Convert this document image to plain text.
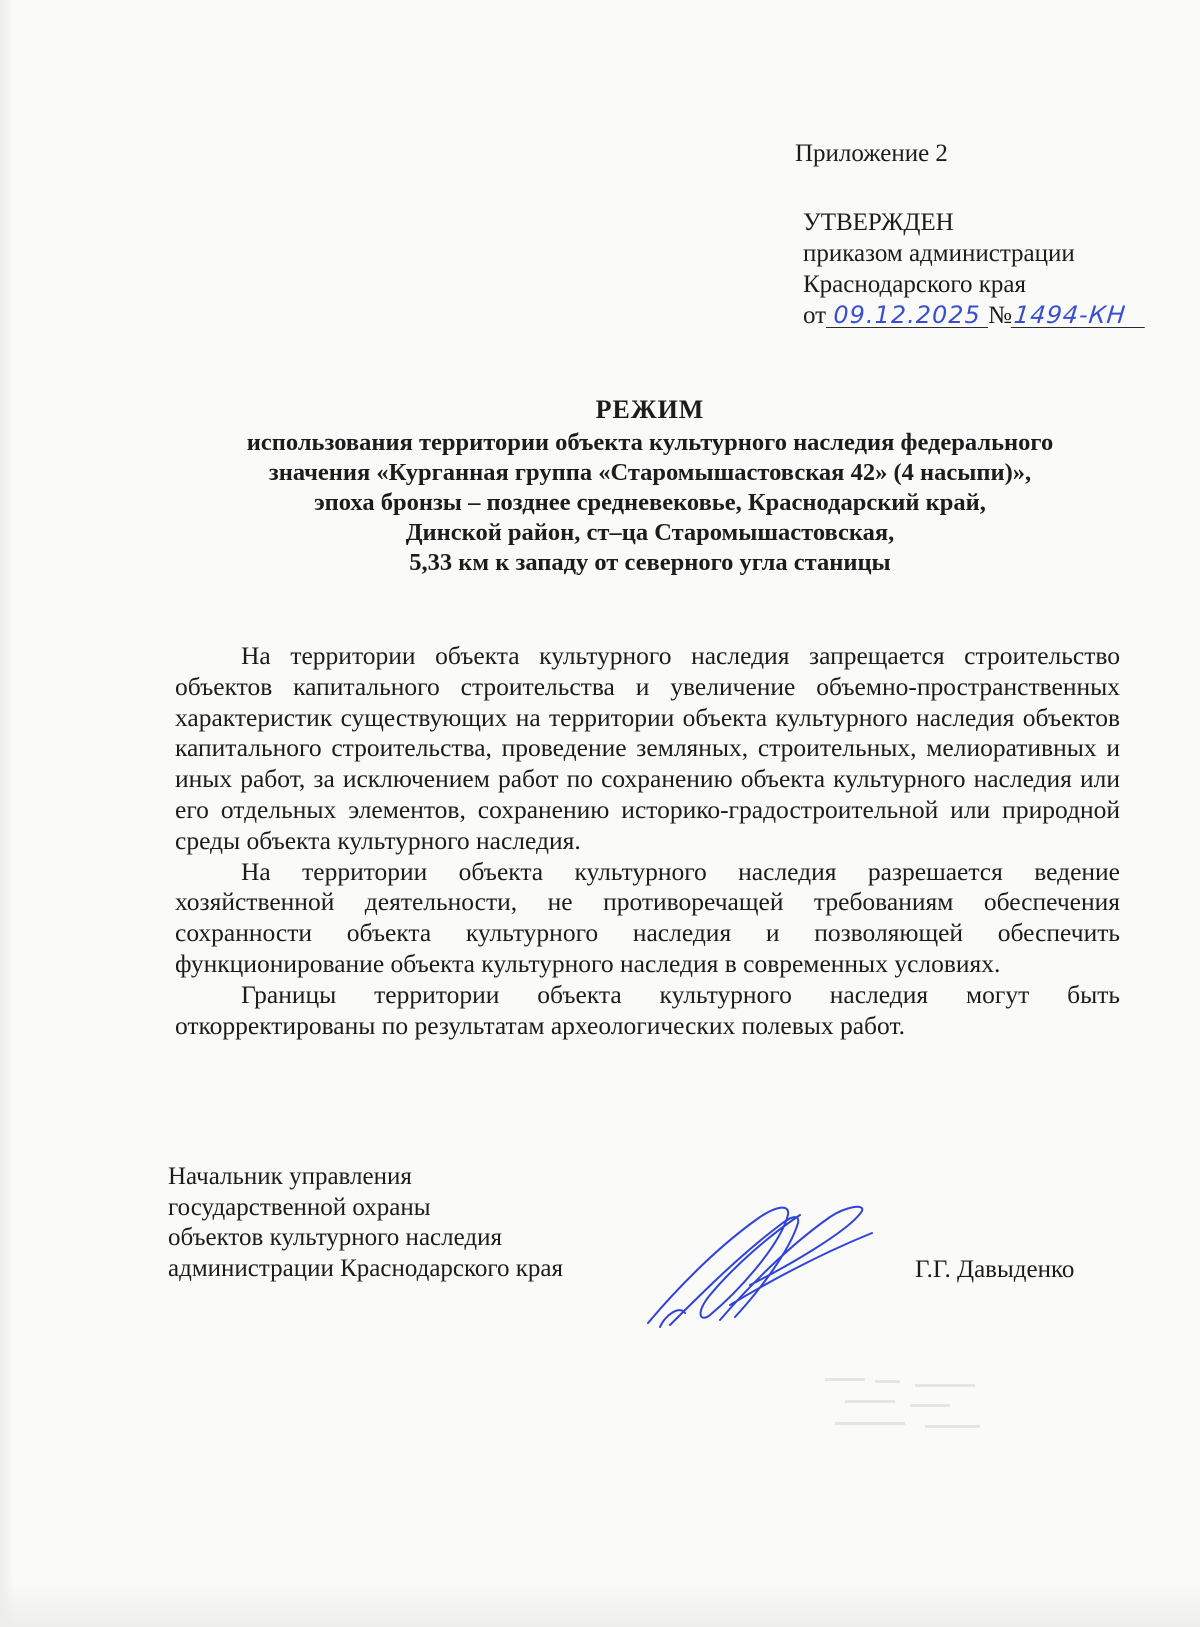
Приложение 2

УТВЕРЖДЕН
приказом администрации
Краснодарского края
от 09.12.2025 №1494-КН
РЕЖИМ
использования территории объекта культурного наследия федерального
значения «Курганная группа «Старомышастовская 42» (4 насыпи)»,
эпоха бронзы – позднее средневековье, Краснодарский край,
Динской район, ст–ца Старомышастовская,
5,33 км к западу от северного угла станицы

На территории объекта культурного наследия запрещается строительство объектов капитального строительства и увеличение объемно-пространственных характеристик существующих на территории объекта культурного наследия объектов капитального строительства, проведение земляных, строительных, мелиоративных и иных работ, за исключением работ по сохранению объекта культурного наследия или его отдельных элементов, сохранению историко-градостроительной или природной среды объекта культурного наследия.

На территории объекта культурного наследия разрешается ведение хозяйственной деятельности, не противоречащей требованиям обеспечения сохранности объекта культурного наследия и позволяющей обеспечить функционирование объекта культурного наследия в современных условиях.

Границы территории объекта культурного наследия могут быть откорректированы по результатам археологических полевых работ.

Начальник управления
государственной охраны
объектов культурного наследия
администрации Краснодарского края	Г.Г. Давыденко
